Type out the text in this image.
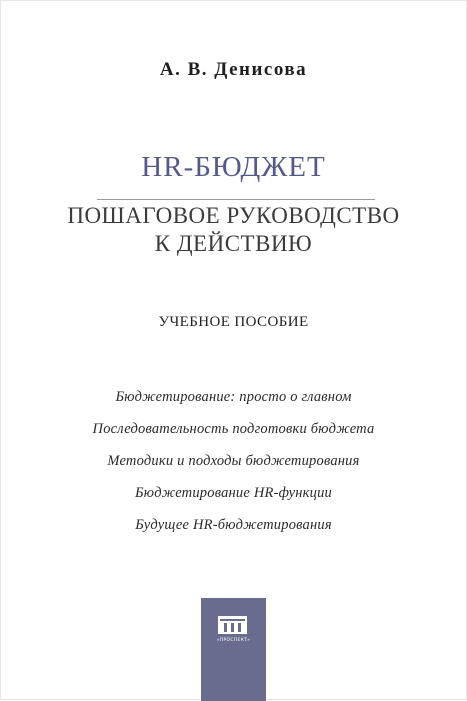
А. В. Денисова
HR-БЮДЖЕТ
ПОШАГОВОЕ РУКОВОДСТВО
К ДЕЙСТВИЮ
УЧЕБНОЕ ПОСОБИЕ
Бюджетирование: просто о главном
Последовательность подготовки бюджета
Методики и подходы бюджетирования
Бюджетирование HR-функции
Будущее HR-бюджетирования
«ПРОСПЕКТ»
